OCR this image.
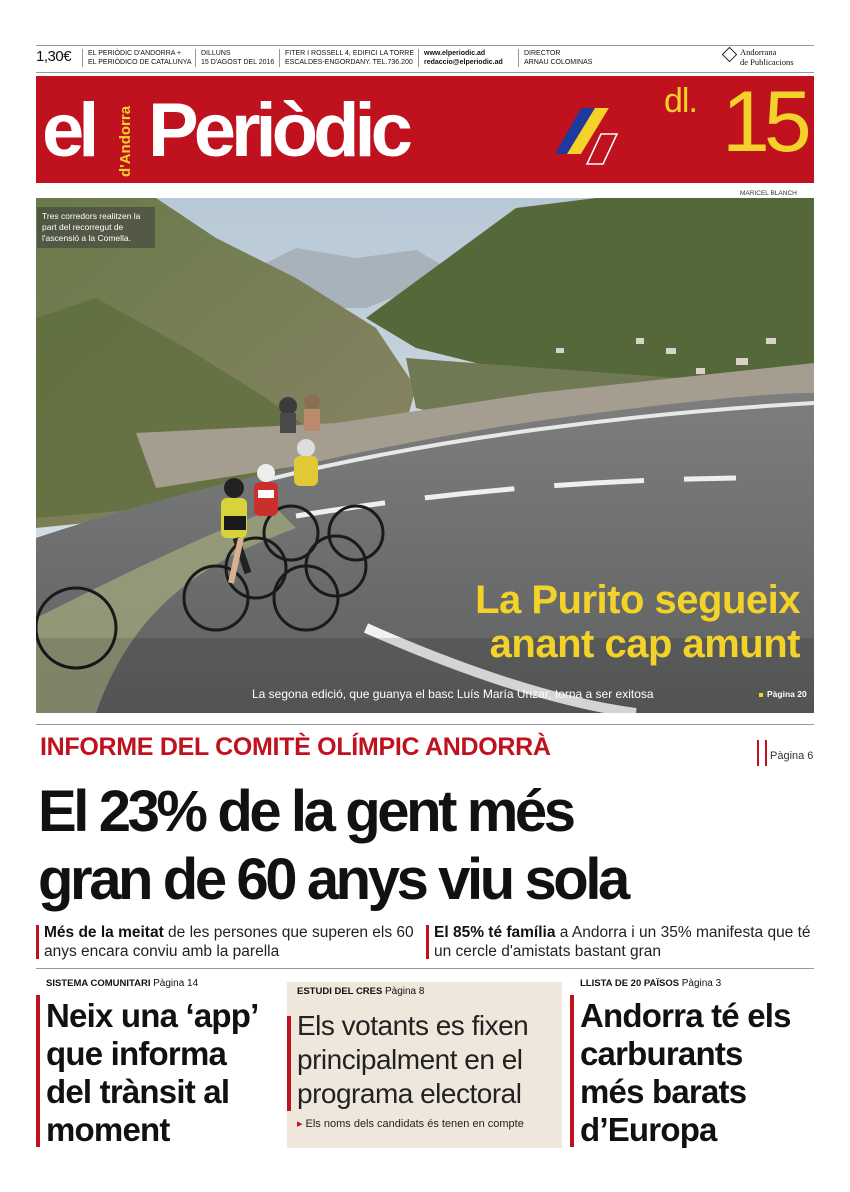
1,30€ EL PERIÒDIC D'ANDORRA +
EL PERIÒDICO DE CATALUNYA
DILLUNS
15 D'AGOST DEL 2016
FITER I ROSSELL 4, EDIFICI LA TORRE
ESCALDES-ENGORDANY. TEL.736.200
www.elperiodic.ad
redaccio@elperiodic.ad
DIRECTOR
ARNAU COLOMINAS
Andorrana
de Publicacions
el d'Andorra Periòdic	dl. 15
MARICEL BLANCH
Tres corredors realitzen la part del recorregut de l'ascensió a la Comella.
La Purito segueix
anant cap amunt
La segona edició, que guanya el basc Luís María Urizar, torna a ser exitosa	Pàgina 20
INFORME DEL COMITÈ OLÍMPIC ANDORRÀ	Pàgina 6
El 23% de la gent més
gran de 60 anys viu sola
Més de la meitat de les persones que superen els 60 anys encara conviu amb la parella
El 85% té família a Andorra i un 35% manifesta que té un cercle d'amistats bastant gran
SISTEMA COMUNITARI Pàgina 14
Neix una ‘app’
que informa
del trànsit al
moment
ESTUDI DEL CRES Pàgina 8
Els votants es fixen
principalment en el
programa electoral
▸ Els noms dels candidats és tenen en compte
LLISTA DE 20 PAÏSOS Pàgina 3
Andorra té els
carburants
més barats
d’Europa
